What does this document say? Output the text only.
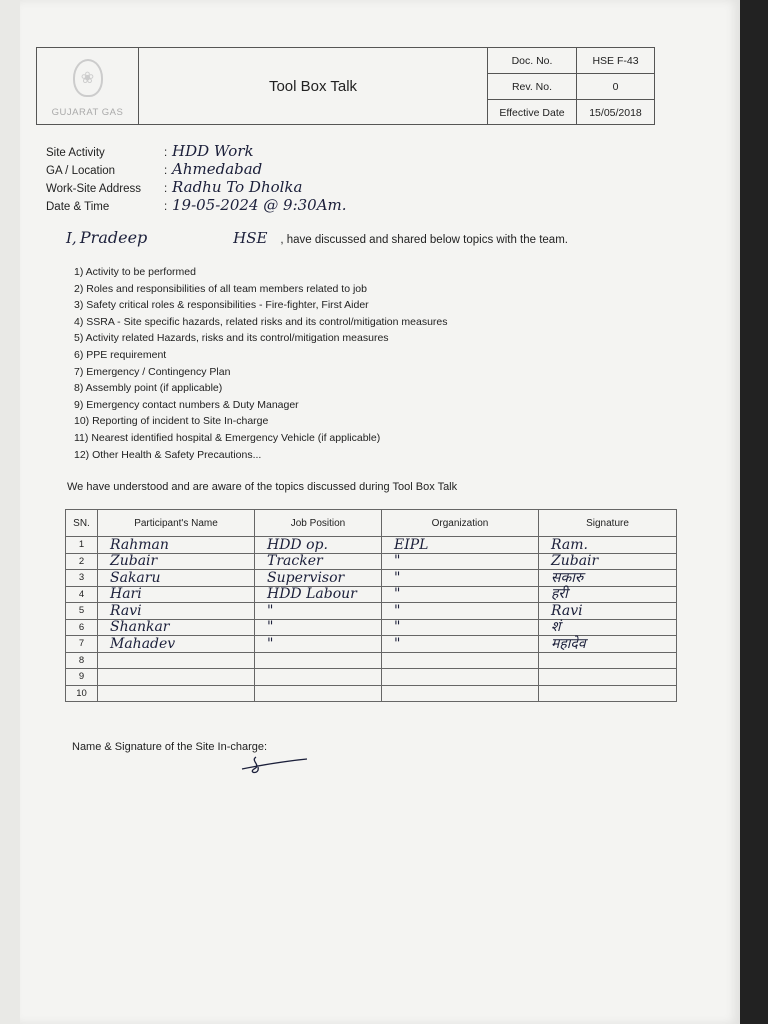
❀
GUJARAT GAS
Tool Box Talk
Doc. No.	HSE F-43
Rev. No.	0
Effective Date	15/05/2018
Site Activity	: HDD Work
GA / Location	: Ahmedabad
Work-Site Address : Radhu To Dholka
Date & Time	: 19-05-2024 @ 9:30Am.
I, Pradeep	HSE , have discussed and shared below topics with the team.
1) Activity to be performed
2) Roles and responsibilities of all team members related to job
3) Safety critical roles & responsibilities - Fire-fighter, First Aider
4) SSRA - Site specific hazards, related risks and its control/mitigation measures
5) Activity related Hazards, risks and its control/mitigation measures
6) PPE requirement
7) Emergency / Contingency Plan
8) Assembly point (if applicable)
9) Emergency contact numbers & Duty Manager
10) Reporting of incident to Site In-charge
11) Nearest identified hospital & Emergency Vehicle (if applicable)
12) Other Health & Safety Precautions...
We have understood and are aware of the topics discussed during Tool Box Talk
SN.	Participant's Name	Job Position	Organization	Signature
1	Rahman	HDD op.	EIPL	Ram.
2	Zubair	Tracker	"	Zubair
3	Sakaru	Supervisor	"	सकारु
4	Hari	HDD Labour	"	हरी
5	Ravi	"	"	Ravi
6	Shankar	"	"	शं
7	Mahadev	"	"	महादेव
8				
9				
10				
Name & Signature of the Site In-charge:
